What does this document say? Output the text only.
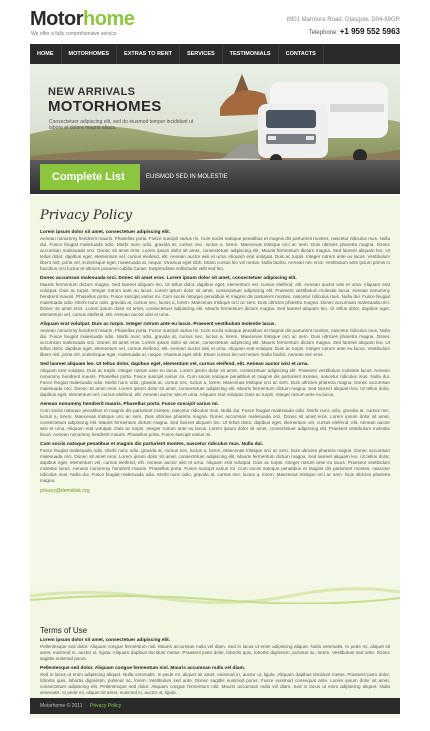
Motorhome
We offer a fully comprehensive service
8901 Marmora Road, Glasgow, D04-89GR
Telephone: +1 959 552 5963
HOME	MOTORHOMES	EXTRAS TO RENT	SERVICES	TESTIMONIALS	CONTACTS
NEW ARRIVALS
MOTORHOMES
Consectetuer adipiscing elit, sed do eiusmod tempor incididunt ut labore et dolore magna aliqua.
Complete List	EUISMOD SED IN MOLESTIE
Privacy Policy
Lorem ipsum dolor sit amet, consectetuer adipiscing elit.
Aenean nonummy hendrerit mauris. Phasellus porta. Fusce suscipit varius mi. Cum sociis natoque penatibus et magnis dis parturient montes, nascetur ridiculus mus. Nulla dui. Fusce feugiat malesuada odio. Morbi nunc odio, gravida at, cursus nec, luctus a, lorem. Maecenas tristique orci ac sem. Duis ultricies pharetra magna. Donec accumsan malesuada orci. Donec sit amet eros. Lorem ipsum dolor sit amet, consectetuer adipiscing elit. Mauris fermentum dictum magna. Sed laoreet aliquam leo. Ut tellus dolor, dapibus eget, elementum vel, cursus eleifend, elit. Aenean auctor wisi et urna. Aliquam erat volutpat. Duis ac turpis. Integer rutrum ante eu lacus. Vestibulum libero nisl, porta vel, scelerisque eget, malesuada at, neque. Vivamus eget nibh. Etiam cursus leo vel metus. Nulla facilisi. Aenean nec eros. Vestibulum ante ipsum primis in faucibus orci luctus et ultrices posuere cubilia Curae; Suspendisse sollicitudin velit sed leo.
Donec accumsan malesuada orci. Donec sit amet eros. Lorem ipsum dolor sit amet, consectetuer adipiscing elit.
Mauris fermentum dictum magna. Sed laoreet aliquam leo. Ut tellus dolor, dapibus eget, elementum vel, cursus eleifend, elit. Aenean auctor wisi et urna. Aliquam erat volutpat. Duis ac turpis. Integer rutrum ante eu lacus. Lorem ipsum dolor sit amet, consectetuer adipiscing elit. Praesent vestibulum molestie lacus. Aenean nonummy hendrerit mauris. Phasellus porta. Fusce suscipit varius mi. Cum sociis natoque penatibus et magnis dis parturient montes, nascetur ridiculus mus. Nulla dui. Fusce feugiat malesuada odio. Morbi nunc odio, gravida at, cursus nec, luctus a, lorem. Maecenas tristique orci ac sem. Duis ultricies pharetra magna. Donec accumsan malesuada orci. Donec sit amet eros. Lorem ipsum dolor sit amet, consectetuer adipiscing elit. Mauris fermentum dictum magna. Sed laoreet aliquam leo. Ut tellus dolor, dapibus eget, elementum vel, cursus eleifend, elit. Aenean auctor wisi et urna.
Aliquam erat volutpat. Duis ac turpis. Integer rutrum ante eu lacus. Praesent vestibulum molestie lacus.
Aenean nonummy hendrerit mauris. Phasellus porta. Fusce suscipit varius mi. Cum sociis natoque penatibus et magnis dis parturient montes, nascetur ridiculus mus. Nulla dui. Fusce feugiat malesuada odio. Morbi nunc odio, gravida at, cursus nec, luctus a, lorem. Maecenas tristique orci ac sem. Duis ultricies pharetra magna. Donec accumsan malesuada orci. Donec sit amet eros. Lorem ipsum dolor sit amet, consectetuer adipiscing elit. Mauris fermentum dictum magna. Sed laoreet aliquam leo. Ut tellus dolor, dapibus eget, elementum vel, cursus eleifend, elit. Aenean auctor wisi et urna. Aliquam erat volutpat. Duis ac turpis. Integer rutrum ante eu lacus. Vestibulum libero nisl, porta vel, scelerisque eget, malesuada at, neque. Vivamus eget nibh. Etiam cursus leo vel metus. Nulla facilisi. Aenean nec eros.
Sed laoreet aliquam leo. Ut tellus dolor, dapibus eget, elementum vel, cursus eleifend, elit. Aenean auctor wisi et urna.
Aliquam erat volutpat. Duis ac turpis. Integer rutrum ante eu lacus. Lorem ipsum dolor sit amet, consectetuer adipiscing elit. Praesent vestibulum molestie lacus. Aenean nonummy hendrerit mauris. Phasellus porta. Fusce suscipit varius mi. Cum sociis natoque penatibus et magnis dis parturient montes, nascetur ridiculus mus. Nulla dui. Fusce feugiat malesuada odio. Morbi nunc odio, gravida at, cursus nec, luctus a, lorem. Maecenas tristique orci ac sem. Duis ultricies pharetra magna. Donec accumsan malesuada orci. Donec sit amet eros. Lorem ipsum dolor sit amet, consectetuer adipiscing elit. Mauris fermentum dictum magna. Sed laoreet aliquam leo. Ut tellus dolor, dapibus eget, elementum vel, cursus eleifend, elit. Aenean auctor wisi et urna. Aliquam erat volutpat. Duis ac turpis. Integer rutrum ante eu lacus.
Aenean nonummy hendrerit mauris. Phasellus porta. Fusce suscipit varius mi.
Cum sociis natoque penatibus et magnis dis parturient montes, nascetur ridiculus mus. Nulla dui. Fusce feugiat malesuada odio. Morbi nunc odio, gravida at, cursus nec, luctus a, lorem. Maecenas tristique orci ac sem. Duis ultricies pharetra magna. Donec accumsan malesuada orci. Donec sit amet eros. Lorem ipsum dolor sit amet, consectetuer adipiscing elit. Mauris fermentum dictum magna. Sed laoreet aliquam leo. Ut tellus dolor, dapibus eget, elementum vel, cursus eleifend, elit. Aenean auctor wisi et urna. Aliquam erat volutpat. Duis ac turpis. Integer rutrum ante eu lacus. Lorem ipsum dolor sit amet, consectetuer adipiscing elit. Praesent vestibulum molestie lacus. Aenean nonummy hendrerit mauris. Phasellus porta. Fusce suscipit varius mi.
Cum sociis natoque penatibus et magnis dis parturient montes, nascetur ridiculus mus. Nulla dui.
Fusce feugiat malesuada odio. Morbi nunc odio, gravida at, cursus nec, luctus a, lorem. Maecenas tristique orci ac sem. Duis ultricies pharetra magna. Donec accumsan malesuada orci. Donec sit amet eros. Lorem ipsum dolor sit amet, consectetuer adipiscing elit. Mauris fermentum dictum magna. Sed laoreet aliquam leo. Ut tellus dolor, dapibus eget, elementum vel, cursus eleifend, elit. Aenean auctor wisi et urna. Aliquam erat volutpat. Duis ac turpis. Integer rutrum ante eu lacus. Praesent vestibulum molestie lacus. Aenean nonummy hendrerit mauris. Phasellus porta. Fusce suscipit varius mi. Cum sociis natoque penatibus et magnis dis parturient montes, nascetur ridiculus mus. Nulla dui. Fusce feugiat malesuada odio. Morbi nunc odio, gravida at, cursus nec, luctus a, lorem. Maecenas tristique orci ac sem. Duis ultricies pharetra magna.
privacy@demolink.org
Terms of Use
Lorem ipsum dolor sit amet, consectetuer adipiscing elit.
Pellentesque sed dolor. Aliquam congue fermentum nisl. Mauris accumsan nulla vel diam. Sed in lacus ut enim adipiscing aliquet. Nulla venenatis. In pede mi, aliquet sit amet, euismod in, auctor ut, ligula. Aliquam dapibus tincidunt metus. Praesent justo dolor, lobortis quis, lobortis dignissim, pulvinar ac, lorem. Vestibulum sed ante. Donec sagittis euismod purus.
Pellentesque sed dolor. Aliquam congue fermentum nisl. Mauris accumsan nulla vel diam.
Sed in lacus ut enim adipiscing aliquet. Nulla venenatis. In pede mi, aliquet sit amet, euismod in, auctor ut, ligula. Aliquam dapibus tincidunt metus. Praesent justo dolor, lobortis quis, lobortis dignissim, pulvinar ac, lorem. Vestibulum sed ante. Donec sagittis euismod purus. Fusce euismod consequat ante. Lorem ipsum dolor sit amet, consectetuer adipiscing elit. Pellentesque sed dolor. Aliquam congue fermentum nisl. Mauris accumsan nulla vel diam. Sed in lacus ut enim adipiscing aliquet. Nulla venenatis. In pede mi, aliquet sit amet, euismod in, auctor ut, ligula.
Motorhome © 2011 Privacy Policy
